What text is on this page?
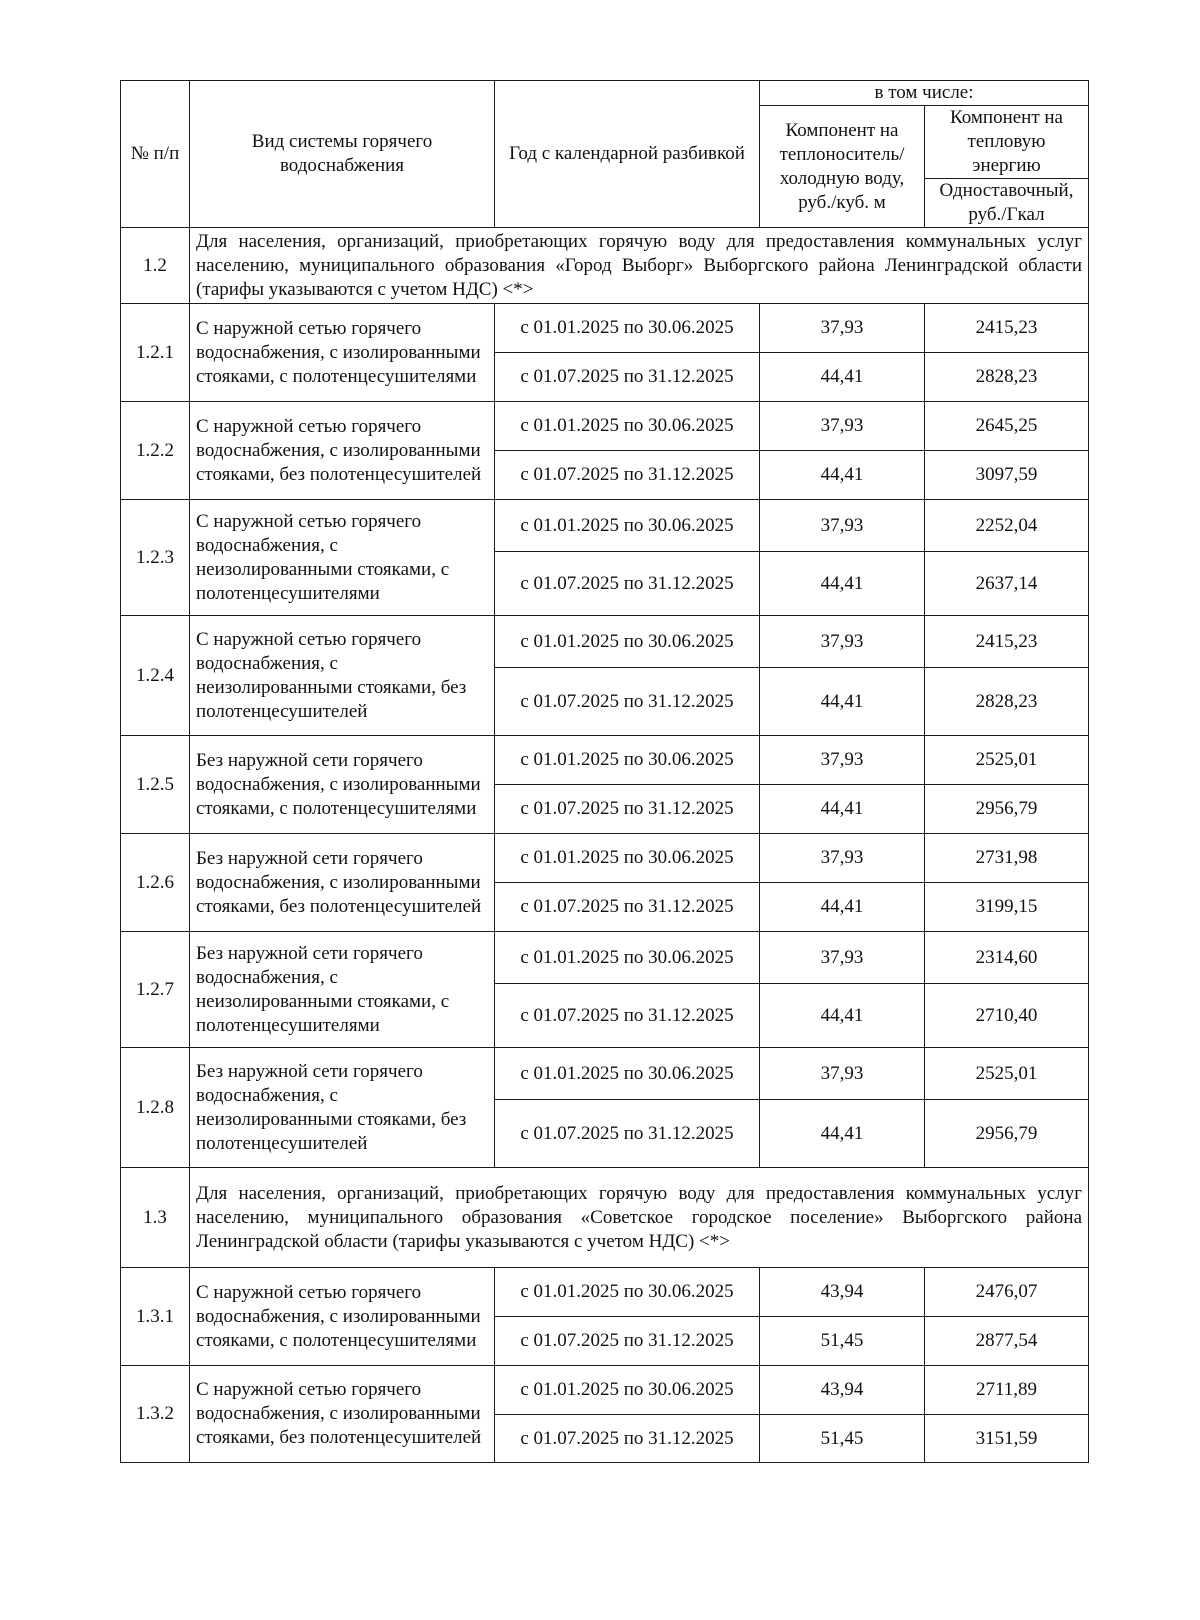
№ п/п	Вид системы горячего водоснабжения	Год с календарной разбивкой	в том числе:	
			Компонент на теплоноситель/ холодную воду, руб./куб. м	Компонент на тепловую энергию
				Одноставочный, руб./Гкал
1.2	Для населения, организаций, приобретающих горячую воду для предоставления коммунальных услуг населению, муниципального образования «Город Выборг» Выборгского района Ленинградской области (тарифы указываются с учетом НДС) <*>			
1.2.1	С наружной сетью горячего водоснабжения, с изолированными стояками, с полотенцесушителями	с 01.01.2025 по 30.06.2025	37,93	2415,23
		с 01.07.2025 по 31.12.2025	44,41	2828,23
1.2.2	С наружной сетью горячего водоснабжения, с изолированными стояками, без полотенцесушителей	с 01.01.2025 по 30.06.2025	37,93	2645,25
		с 01.07.2025 по 31.12.2025	44,41	3097,59
1.2.3	С наружной сетью горячего водоснабжения, с неизолированными стояками, с полотенцесушителями	с 01.01.2025 по 30.06.2025	37,93	2252,04
		с 01.07.2025 по 31.12.2025	44,41	2637,14
1.2.4	С наружной сетью горячего водоснабжения, с неизолированными стояками, без полотенцесушителей	с 01.01.2025 по 30.06.2025	37,93	2415,23
		с 01.07.2025 по 31.12.2025	44,41	2828,23
1.2.5	Без наружной сети горячего водоснабжения, с изолированными стояками, с полотенцесушителями	с 01.01.2025 по 30.06.2025	37,93	2525,01
		с 01.07.2025 по 31.12.2025	44,41	2956,79
1.2.6	Без наружной сети горячего водоснабжения, с изолированными стояками, без полотенцесушителей	с 01.01.2025 по 30.06.2025	37,93	2731,98
		с 01.07.2025 по 31.12.2025	44,41	3199,15
1.2.7	Без наружной сети горячего водоснабжения, с неизолированными стояками, с полотенцесушителями	с 01.01.2025 по 30.06.2025	37,93	2314,60
		с 01.07.2025 по 31.12.2025	44,41	2710,40
1.2.8	Без наружной сети горячего водоснабжения, с неизолированными стояками, без полотенцесушителей	с 01.01.2025 по 30.06.2025	37,93	2525,01
		с 01.07.2025 по 31.12.2025	44,41	2956,79
1.3	Для населения, организаций, приобретающих горячую воду для предоставления коммунальных услуг населению, муниципального образования «Советское городское поселение» Выборгского района Ленинградской области (тарифы указываются с учетом НДС) <*>			
1.3.1	С наружной сетью горячего водоснабжения, с изолированными стояками, с полотенцесушителями	с 01.01.2025 по 30.06.2025	43,94	2476,07
		с 01.07.2025 по 31.12.2025	51,45	2877,54
1.3.2	С наружной сетью горячего водоснабжения, с изолированными стояками, без полотенцесушителей	с 01.01.2025 по 30.06.2025	43,94	2711,89
		с 01.07.2025 по 31.12.2025	51,45	3151,59
